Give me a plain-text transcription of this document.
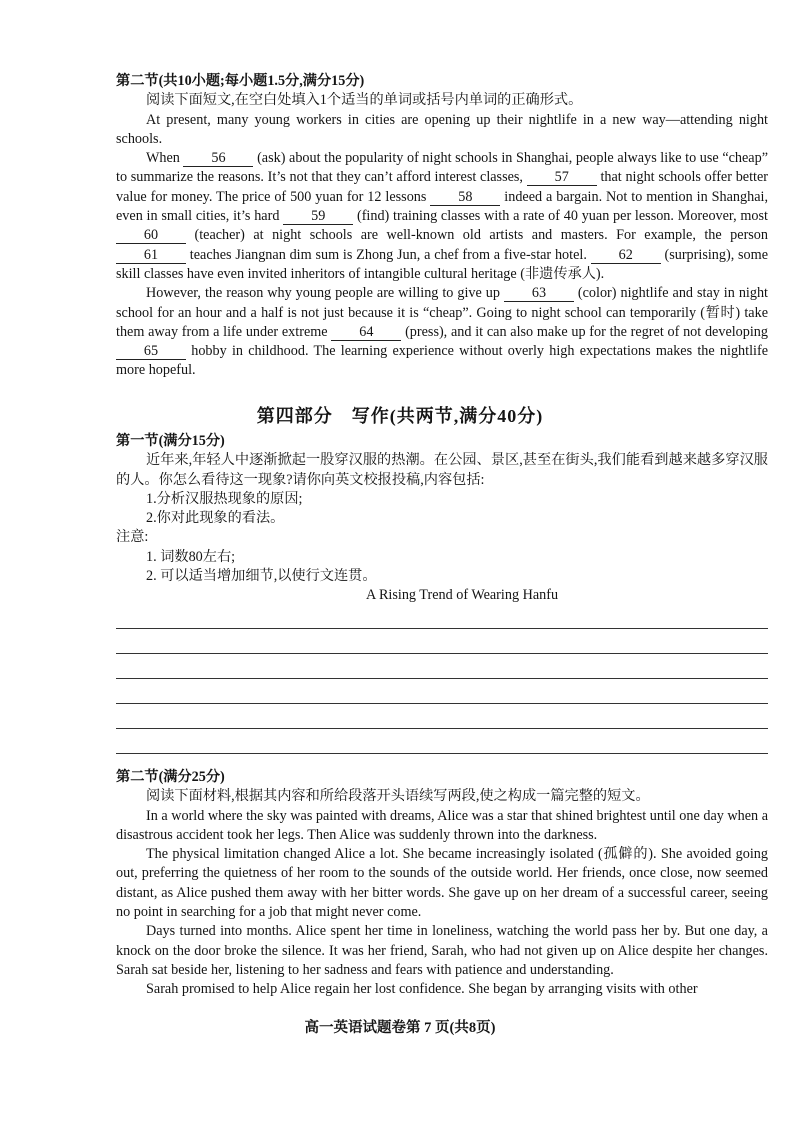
第二节(共10小题;每小题1.5分,满分15分)
阅读下面短文,在空白处填入1个适当的单词或括号内单词的正确形式。
At present, many young workers in cities are opening up their nightlife in a new way—attending night schools.
When 56 (ask) about the popularity of night schools in Shanghai, people always like to use “cheap” to summarize the reasons. It’s not that they can’t afford interest classes, 57 that night schools offer better value for money. The price of 500 yuan for 12 lessons 58 indeed a bargain. Not to mention in Shanghai, even in small cities, it’s hard 59 (find) training classes with a rate of 40 yuan per lesson. Moreover, most 60 (teacher) at night schools are well-known old artists and masters. For example, the person 61 teaches Jiangnan dim sum is Zhong Jun, a chef from a five-star hotel. 62 (surprising), some skill classes have even invited inheritors of intangible cultural heritage (非遗传承人).
However, the reason why young people are willing to give up 63 (color) nightlife and stay in night school for an hour and a half is not just because it is “cheap”. Going to night school can temporarily (暂时) take them away from a life under extreme 64 (press), and it can also make up for the regret of not developing 65 hobby in childhood. The learning experience without overly high expectations makes the nightlife more hopeful.
第四部分　写作(共两节,满分40分)
第一节(满分15分)
近年来,年轻人中逐渐掀起一股穿汉服的热潮。在公园、景区,甚至在街头,我们能看到越来越多穿汉服的人。你怎么看待这一现象?请你向英文校报投稿,内容包括:
1.分析汉服热现象的原因;
2.你对此现象的看法。
注意:
1. 词数80左右;
2. 可以适当增加细节,以使行文连贯。
A Rising Trend of Wearing Hanfu
第二节(满分25分)
阅读下面材料,根据其内容和所给段落开头语续写两段,使之构成一篇完整的短文。
In a world where the sky was painted with dreams, Alice was a star that shined brightest until one day when a disastrous accident took her legs. Then Alice was suddenly thrown into the darkness.
The physical limitation changed Alice a lot. She became increasingly isolated (孤僻的). She avoided going out, preferring the quietness of her room to the sounds of the outside world. Her friends, once close, now seemed distant, as Alice pushed them away with her bitter words. She gave up on her dream of a successful career, seeing no point in searching for a job that might never come.
Days turned into months. Alice spent her time in loneliness, watching the world pass her by. But one day, a knock on the door broke the silence. It was her friend, Sarah, who had not given up on Alice despite her changes. Sarah sat beside her, listening to her sadness and fears with patience and understanding.
Sarah promised to help Alice regain her lost confidence. She began by arranging visits with other
高一英语试题卷第 7 页(共8页)
